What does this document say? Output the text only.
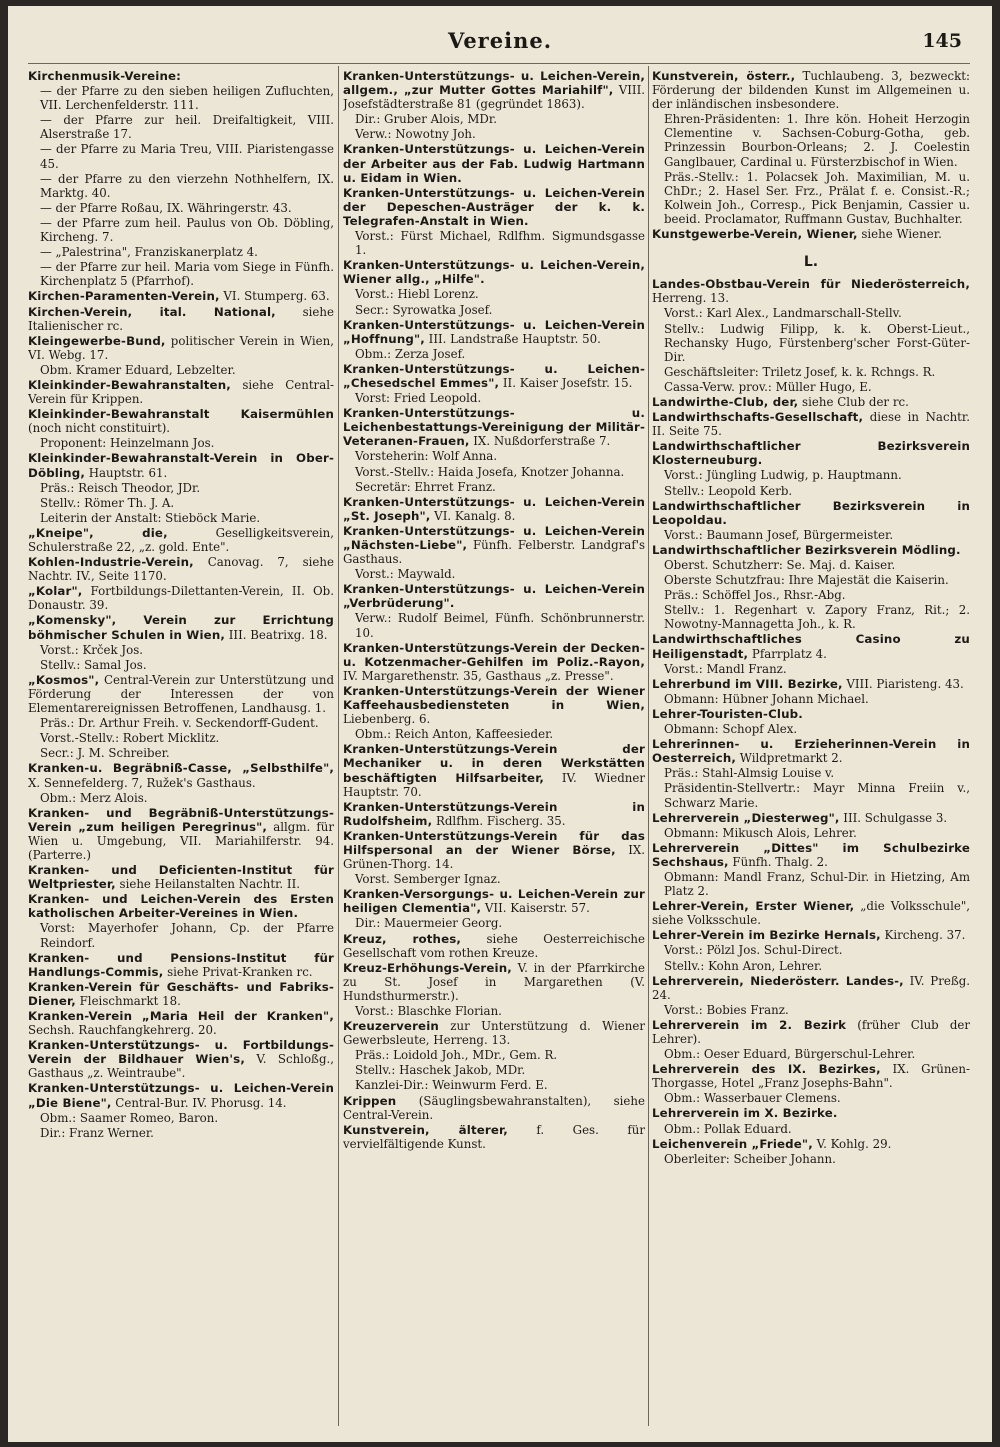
Vereine.	145
Kirchenmusik-Vereine:
— der Pfarre zu den sieben heiligen Zufluchten, VII. Lerchenfelderstr. 111.
— der Pfarre zur heil. Dreifaltigkeit, VIII. Alserstraße 17.
— der Pfarre zu Maria Treu, VIII. Piaristengasse 45.
— der Pfarre zu den vierzehn Nothhelfern, IX. Marktg. 40.
— der Pfarre Roßau, IX. Währingerstr. 43.
— der Pfarre zum heil. Paulus von Ob. Döbling, Kircheng. 7.
— „Palestrina", Franziskanerplatz 4.
— der Pfarre zur heil. Maria vom Siege in Fünfh. Kirchenplatz 5 (Pfarrhof).
Kirchen-Paramenten-Verein, VI. Stumperg. 63.
Kirchen-Verein, ital. National, siehe Italienischer rc.
Kleingewerbe-Bund, politischer Verein in Wien, VI. Webg. 17.
Obm. Kramer Eduard, Lebzelter.
Kleinkinder-Bewahranstalten, siehe Central-Verein für Krippen.
Kleinkinder-Bewahranstalt Kaisermühlen (noch nicht constituirt).
Proponent: Heinzelmann Jos.
Kleinkinder-Bewahranstalt-Verein in Ober-Döbling, Hauptstr. 61.
Präs.: Reisch Theodor, JDr.
Stellv.: Römer Th. J. A.
Leiterin der Anstalt: Stieböck Marie.
„Kneipe", die, Geselligkeitsverein, Schulerstraße 22, „z. gold. Ente".
Kohlen-Industrie-Verein, Canovag. 7, siehe Nachtr. IV., Seite 1170.
„Kolar", Fortbildungs-Dilettanten-Verein, II. Ob. Donaustr. 39.
„Komensky", Verein zur Errichtung böhmischer Schulen in Wien, III. Beatrixg. 18.
Vorst.: Krček Jos.
Stellv.: Samal Jos.
„Kosmos", Central-Verein zur Unterstützung und Förderung der Interessen der von Elementarereignissen Betroffenen, Landhausg. 1.
Präs.: Dr. Arthur Freih. v. Seckendorff-Gudent.
Vorst.-Stellv.: Robert Micklitz.
Secr.: J. M. Schreiber.
Kranken-u. Begräbniß-Casse, „Selbsthilfe", X. Sennefelderg. 7, Ružek's Gasthaus.
Obm.: Merz Alois.
Kranken- und Begräbniß-Unterstützungs-Verein „zum heiligen Peregrinus", allgm. für Wien u. Umgebung, VII. Mariahilferstr. 94. (Parterre.)
Kranken- und Deficienten-Institut für Weltpriester, siehe Heilanstalten Nachtr. II.
Kranken- und Leichen-Verein des Ersten katholischen Arbeiter-Vereines in Wien.
Vorst: Mayerhofer Johann, Cp. der Pfarre Reindorf.
Kranken- und Pensions-Institut für Handlungs-Commis, siehe Privat-Kranken rc.
Kranken-Verein für Geschäfts- und Fabriks-Diener, Fleischmarkt 18.
Kranken-Verein „Maria Heil der Kranken", Sechsh. Rauchfangkehrerg. 20.
Kranken-Unterstützungs- u. Fortbildungs-Verein der Bildhauer Wien's, V. Schloßg., Gasthaus „z. Weintraube".
Kranken-Unterstützungs- u. Leichen-Verein „Die Biene", Central-Bur. IV. Phorusg. 14.
Obm.: Saamer Romeo, Baron.
Dir.: Franz Werner.
Kranken-Unterstützungs- u. Leichen-Verein, allgem., „zur Mutter Gottes Mariahilf", VIII. Josefstädterstraße 81 (gegründet 1863).
Dir.: Gruber Alois, MDr.
Verw.: Nowotny Joh.
Kranken-Unterstützungs- u. Leichen-Verein der Arbeiter aus der Fab. Ludwig Hartmann u. Eidam in Wien.
Kranken-Unterstützungs- u. Leichen-Verein der Depeschen-Austräger der k. k. Telegrafen-Anstalt in Wien.
Vorst.: Fürst Michael, Rdlfhm. Sigmundsgasse 1.
Kranken-Unterstützungs- u. Leichen-Verein, Wiener allg., „Hilfe".
Vorst.: Hiebl Lorenz.
Secr.: Syrowatka Josef.
Kranken-Unterstützungs- u. Leichen-Verein „Hoffnung", III. Landstraße Hauptstr. 50.
Obm.: Zerza Josef.
Kranken-Unterstützungs- u. Leichen- „Chesedschel Emmes", II. Kaiser Josefstr. 15.
Vorst: Fried Leopold.
Kranken-Unterstützungs- u. Leichenbestattungs-Vereinigung der Militär-Veteranen-Frauen, IX. Nußdorferstraße 7.
Vorsteherin: Wolf Anna.
Vorst.-Stellv.: Haida Josefa, Knotzer Johanna.
Secretär: Ehrret Franz.
Kranken-Unterstützungs- u. Leichen-Verein „St. Joseph", VI. Kanalg. 8.
Kranken-Unterstützungs- u. Leichen-Verein „Nächsten-Liebe", Fünfh. Felberstr. Landgraf's Gasthaus.
Vorst.: Maywald.
Kranken-Unterstützungs- u. Leichen-Verein „Verbrüderung".
Verw.: Rudolf Beimel, Fünfh. Schönbrunnerstr. 10.
Kranken-Unterstützungs-Verein der Decken- u. Kotzenmacher-Gehilfen im Poliz.-Rayon, IV. Margarethenstr. 35, Gasthaus „z. Presse".
Kranken-Unterstützungs-Verein der Wiener Kaffeehausbediensteten in Wien, Liebenberg. 6.
Obm.: Reich Anton, Kaffeesieder.
Kranken-Unterstützungs-Verein der Mechaniker u. in deren Werkstätten beschäftigten Hilfsarbeiter, IV. Wiedner Hauptstr. 70.
Kranken-Unterstützungs-Verein in Rudolfsheim, Rdlfhm. Fischerg. 35.
Kranken-Unterstützungs-Verein für das Hilfspersonal an der Wiener Börse, IX. Grünen-Thorg. 14.
Vorst. Semberger Ignaz.
Kranken-Versorgungs- u. Leichen-Verein zur heiligen Clementia", VII. Kaiserstr. 57.
Dir.: Mauermeier Georg.
Kreuz, rothes, siehe Oesterreichische Gesellschaft vom rothen Kreuze.
Kreuz-Erhöhungs-Verein, V. in der Pfarrkirche zu St. Josef in Margarethen (V. Hundsthurmerstr.).
Vorst.: Blaschke Florian.
Kreuzerverein zur Unterstützung d. Wiener Gewerbsleute, Herreng. 13.
Präs.: Loidold Joh., MDr., Gem. R.
Stellv.: Haschek Jakob, MDr.
Kanzlei-Dir.: Weinwurm Ferd. E.
Krippen (Säuglingsbewahranstalten), siehe Central-Verein.
Kunstverein, älterer, f. Ges. für vervielfältigende Kunst.
Kunstverein, österr., Tuchlaubeng. 3, bezweckt: Förderung der bildenden Kunst im Allgemeinen u. der inländischen insbesondere.
Ehren-Präsidenten: 1. Ihre kön. Hoheit Herzogin Clementine v. Sachsen-Coburg-Gotha, geb. Prinzessin Bourbon-Orleans; 2. J. Coelestin Ganglbauer, Cardinal u. Fürsterzbischof in Wien.
Präs.-Stellv.: 1. Polacsek Joh. Maximilian, M. u. ChDr.; 2. Hasel Ser. Frz., Prälat f. e. Consist.-R.; Kolwein Joh., Corresp., Pick Benjamin, Cassier u. beeid. Proclamator, Ruffmann Gustav, Buchhalter.
Kunstgewerbe-Verein, Wiener, siehe Wiener.
L.
Landes-Obstbau-Verein für Niederösterreich, Herreng. 13.
Vorst.: Karl Alex., Landmarschall-Stellv.
Stellv.: Ludwig Filipp, k. k. Oberst-Lieut., Rechansky Hugo, Fürstenberg'scher Forst-Güter-Dir.
Geschäftsleiter: Triletz Josef, k. k. Rchngs. R.
Cassa-Verw. prov.: Müller Hugo, E.
Landwirthe-Club, der, siehe Club der rc.
Landwirthschafts-Gesellschaft, diese in Nachtr. II. Seite 75.
Landwirthschaftlicher Bezirksverein Klosterneuburg.
Vorst.: Jüngling Ludwig, p. Hauptmann.
Stellv.: Leopold Kerb.
Landwirthschaftlicher Bezirksverein in Leopoldau.
Vorst.: Baumann Josef, Bürgermeister.
Landwirthschaftlicher Bezirksverein Mödling.
Oberst. Schutzherr: Se. Maj. d. Kaiser.
Oberste Schutzfrau: Ihre Majestät die Kaiserin.
Präs.: Schöffel Jos., Rhsr.-Abg.
Stellv.: 1. Regenhart v. Zapory Franz, Rit.; 2. Nowotny-Mannagetta Joh., k. R.
Landwirthschaftliches Casino zu Heiligenstadt, Pfarrplatz 4.
Vorst.: Mandl Franz.
Lehrerbund im VIII. Bezirke, VIII. Piaristeng. 43.
Obmann: Hübner Johann Michael.
Lehrer-Touristen-Club.
Obmann: Schopf Alex.
Lehrerinnen- u. Erzieherinnen-Verein in Oesterreich, Wildpretmarkt 2.
Präs.: Stahl-Almsig Louise v.
Präsidentin-Stellvertr.: Mayr Minna Freiin v., Schwarz Marie.
Lehrerverein „Diesterweg", III. Schulgasse 3.
Obmann: Mikusch Alois, Lehrer.
Lehrerverein „Dittes" im Schulbezirke Sechshaus, Fünfh. Thalg. 2.
Obmann: Mandl Franz, Schul-Dir. in Hietzing, Am Platz 2.
Lehrer-Verein, Erster Wiener, „die Volksschule", siehe Volksschule.
Lehrer-Verein im Bezirke Hernals, Kircheng. 37.
Vorst.: Pölzl Jos. Schul-Direct.
Stellv.: Kohn Aron, Lehrer.
Lehrerverein, Niederösterr. Landes-, IV. Preßg. 24.
Vorst.: Bobies Franz.
Lehrerverein im 2. Bezirk (früher Club der Lehrer).
Obm.: Oeser Eduard, Bürgerschul-Lehrer.
Lehrerverein des IX. Bezirkes, IX. Grünen-Thorgasse, Hotel „Franz Josephs-Bahn".
Obm.: Wasserbauer Clemens.
Lehrerverein im X. Bezirke.
Obm.: Pollak Eduard.
Leichenverein „Friede", V. Kohlg. 29.
Oberleiter: Scheiber Johann.
